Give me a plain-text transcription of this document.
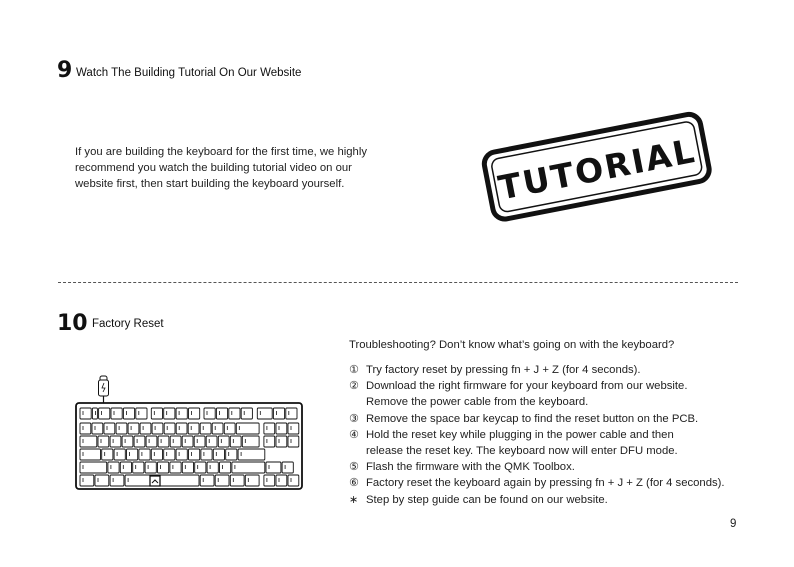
9 Watch The Building Tutorial On Our Website
If you are building the keyboard for the first time, we highly
recommend you watch the building tutorial video on our
website first, then start building the keyboard yourself.	TUTORIAL
10 Factory Reset
Troubleshooting? Don’t know what’s going on with the keyboard?
① Try factory reset by pressing fn + J + Z (for 4 seconds).
② Download the right firmware for your keyboard from our website.
Remove the power cable from the keyboard.
③ Remove the space bar keycap to find the reset button on the PCB.
④ Hold the reset key while plugging in the power cable and then
release the reset key. The keyboard now will enter DFU mode.
⑤ Flash the firmware with the QMK Toolbox.
⑥ Factory reset the keyboard again by pressing fn + J + Z (for 4 seconds).
∗ Step by step guide can be found on our website.
9
